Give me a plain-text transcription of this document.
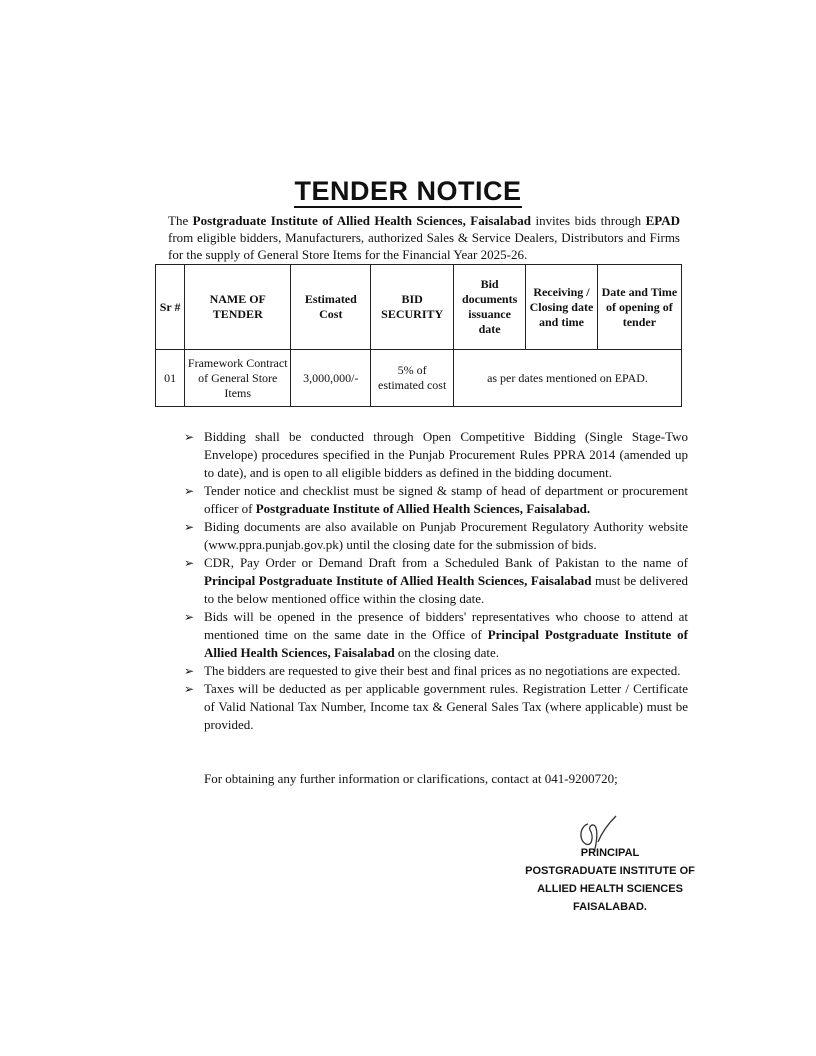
TENDER NOTICE
The Postgraduate Institute of Allied Health Sciences, Faisalabad invites bids through EPAD from eligible bidders, Manufacturers, authorized Sales & Service Dealers, Distributors and Firms for the supply of General Store Items for the Financial Year 2025-26.
Sr #	NAME OF TENDER	Estimated Cost	BID SECURITY	Bid documents issuance date	Receiving / Closing date and time	Date and Time of opening of tender
01	Framework Contract of General Store Items	3,000,000/-	5% of estimated cost	as per dates mentioned on EPAD.		
➢ Bidding shall be conducted through Open Competitive Bidding (Single Stage-Two Envelope) procedures specified in the Punjab Procurement Rules PPRA 2014 (amended up to date), and is open to all eligible bidders as defined in the bidding document.
➢ Tender notice and checklist must be signed & stamp of head of department or procurement officer of Postgraduate Institute of Allied Health Sciences, Faisalabad.
➢ Biding documents are also available on Punjab Procurement Regulatory Authority website (www.ppra.punjab.gov.pk) until the closing date for the submission of bids.
➢ CDR, Pay Order or Demand Draft from a Scheduled Bank of Pakistan to the name of Principal Postgraduate Institute of Allied Health Sciences, Faisalabad must be delivered to the below mentioned office within the closing date.
➢ Bids will be opened in the presence of bidders' representatives who choose to attend at mentioned time on the same date in the Office of Principal Postgraduate Institute of Allied Health Sciences, Faisalabad on the closing date.
➢ The bidders are requested to give their best and final prices as no negotiations are expected.
➢ Taxes will be deducted as per applicable government rules. Registration Letter / Certificate of Valid National Tax Number, Income tax & General Sales Tax (where applicable) must be provided.
For obtaining any further information or clarifications, contact at 041-9200720;
PRINCIPAL
POSTGRADUATE INSTITUTE OF
ALLIED HEALTH SCIENCES
FAISALABAD.
